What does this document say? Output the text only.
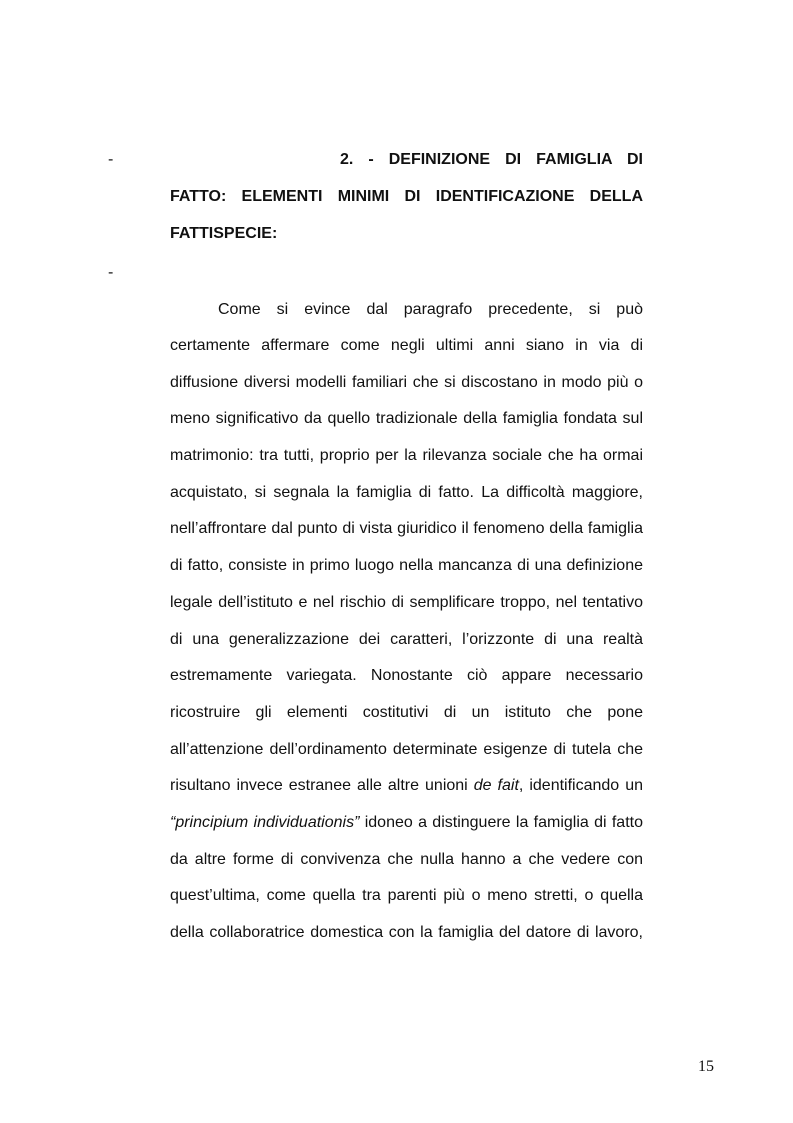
-
-
2. - DEFINIZIONE DI FAMIGLIA DI
FATTO: ELEMENTI MINIMI DI IDENTIFICAZIONE DELLA
FATTISPECIE:
Come si evince dal paragrafo precedente, si può
certamente affermare come negli ultimi anni siano in via di
diffusione diversi modelli familiari che si discostano in modo più o
meno significativo da quello tradizionale della famiglia fondata sul
matrimonio: tra tutti, proprio per la rilevanza sociale che ha ormai
acquistato, si segnala la famiglia di fatto. La difficoltà maggiore,
nell’affrontare dal punto di vista giuridico il fenomeno della famiglia
di fatto, consiste in primo luogo nella mancanza di una definizione
legale dell’istituto e nel rischio di semplificare troppo, nel tentativo
di una generalizzazione dei caratteri, l’orizzonte di una realtà
estremamente variegata. Nonostante ciò appare necessario
ricostruire gli elementi costitutivi di un istituto che pone
all’attenzione dell’ordinamento determinate esigenze di tutela che
risultano invece estranee alle altre unioni de fait, identificando un
“principium individuationis” idoneo a distinguere la famiglia di fatto
da altre forme di convivenza che nulla hanno a che vedere con
quest’ultima, come quella tra parenti più o meno stretti, o quella
della collaboratrice domestica con la famiglia del datore di lavoro,
15
